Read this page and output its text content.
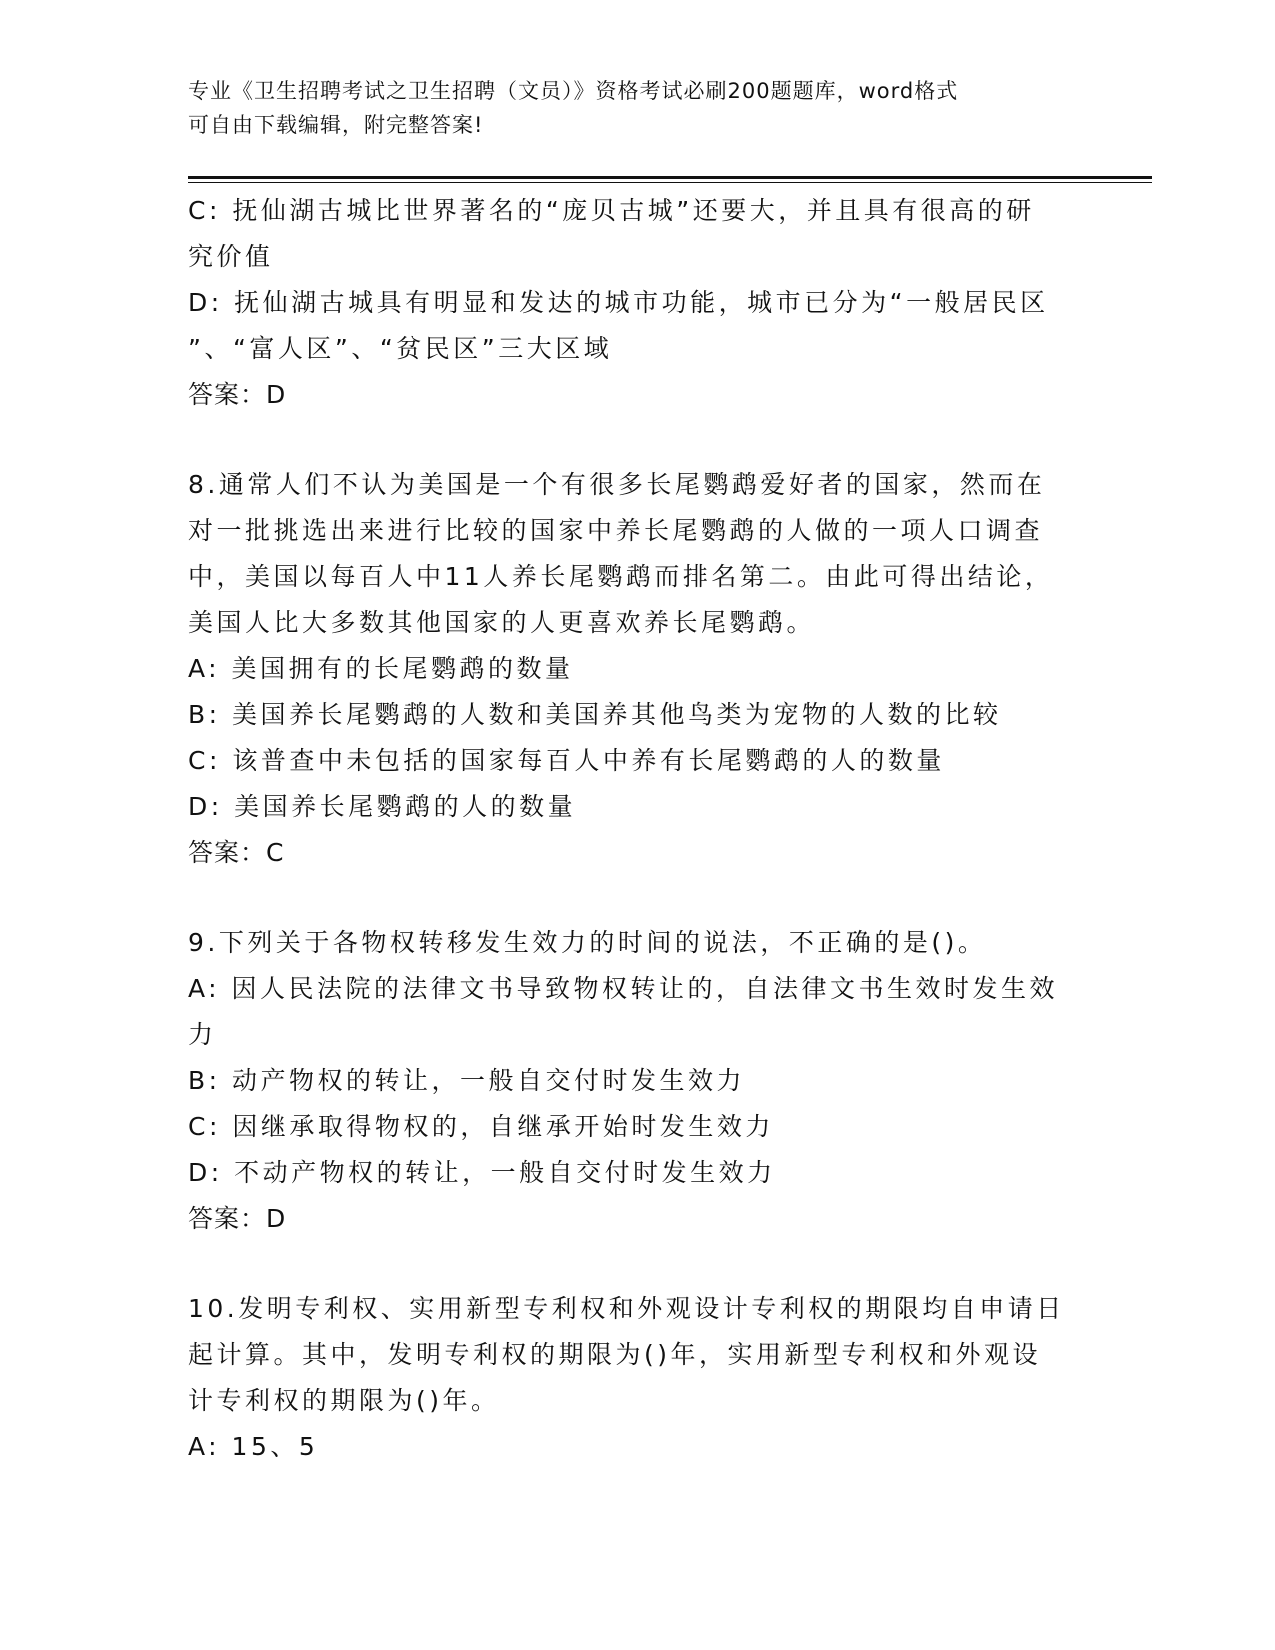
专业《卫生招聘考试之卫生招聘（文员）》资格考试必刷200题题库，word格式
可自由下载编辑，附完整答案!
C: 抚仙湖古城比世界著名的“庞贝古城”还要大，并且具有很高的研
究价值
D: 抚仙湖古城具有明显和发达的城市功能，城市已分为“一般居民区
”、“富人区”、“贫民区”三大区域
答案：D
8.通常人们不认为美国是一个有很多长尾鹦鹉爱好者的国家，然而在
对一批挑选出来进行比较的国家中养长尾鹦鹉的人做的一项人口调查
中，美国以每百人中11人养长尾鹦鹉而排名第二。由此可得出结论，
美国人比大多数其他国家的人更喜欢养长尾鹦鹉。
A: 美国拥有的长尾鹦鹉的数量
B: 美国养长尾鹦鹉的人数和美国养其他鸟类为宠物的人数的比较
C: 该普查中未包括的国家每百人中养有长尾鹦鹉的人的数量
D: 美国养长尾鹦鹉的人的数量
答案：C
9.下列关于各物权转移发生效力的时间的说法，不正确的是()。
A: 因人民法院的法律文书导致物权转让的，自法律文书生效时发生效
力
B: 动产物权的转让，一般自交付时发生效力
C: 因继承取得物权的，自继承开始时发生效力
D: 不动产物权的转让，一般自交付时发生效力
答案：D
10.发明专利权、实用新型专利权和外观设计专利权的期限均自申请日
起计算。其中，发明专利权的期限为()年，实用新型专利权和外观设
计专利权的期限为()年。
A: 15、5
